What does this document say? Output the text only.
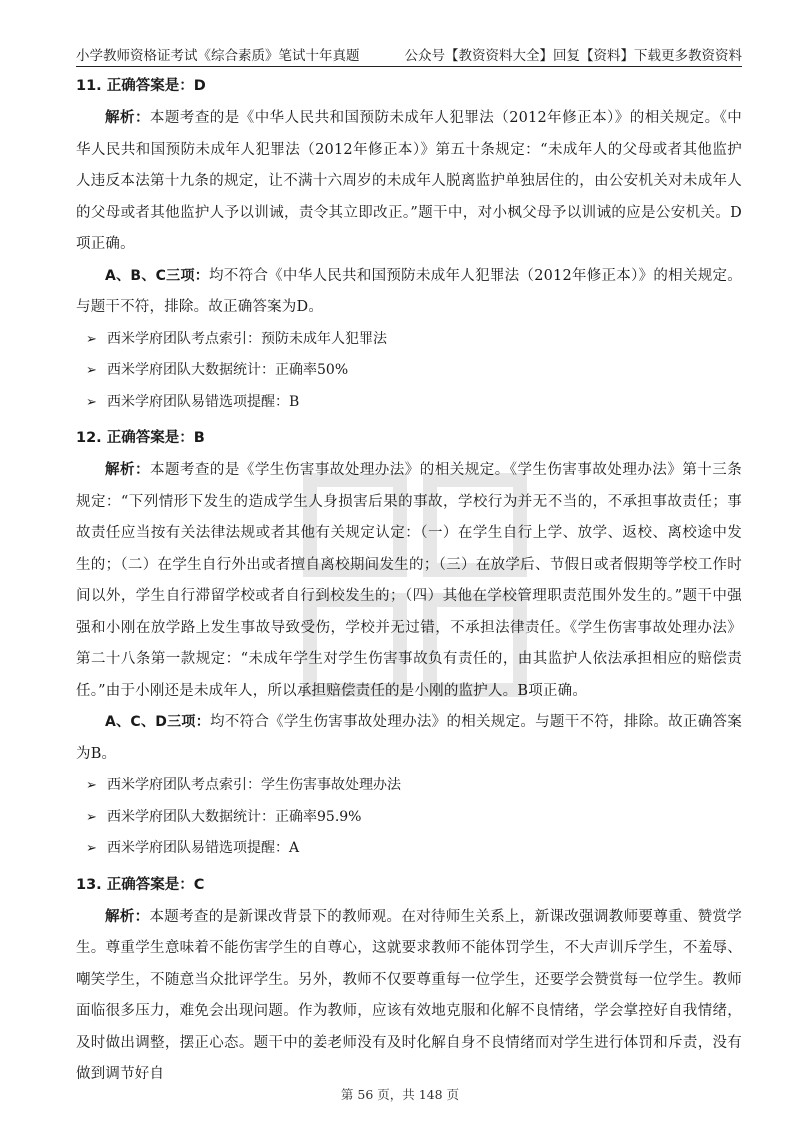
小学教师资格证考试《综合素质》笔试十年真题	公众号【教资资料大全】回复【资料】下载更多教资资料
11. 正确答案是：D

解析：本题考查的是《中华人民共和国预防未成年人犯罪法（2012年修正本）》的相关规定。《中华人民共和国预防未成年人犯罪法（2012年修正本）》第五十条规定：“未成年人的父母或者其他监护人违反本法第十九条的规定，让不满十六周岁的未成年人脱离监护单独居住的，由公安机关对未成年人的父母或者其他监护人予以训诫，责令其立即改正。”题干中，对小枫父母予以训诫的应是公安机关。D项正确。

A、B、C三项：均不符合《中华人民共和国预防未成年人犯罪法（2012年修正本）》的相关规定。与题干不符，排除。故正确答案为D。

➢ 西米学府团队考点索引：预防未成年人犯罪法
➢ 西米学府团队大数据统计：正确率50%
➢ 西米学府团队易错选项提醒：B
12. 正确答案是：B

解析：本题考查的是《学生伤害事故处理办法》的相关规定。《学生伤害事故处理办法》第十三条规定：“下列情形下发生的造成学生人身损害后果的事故，学校行为并无不当的，不承担事故责任；事故责任应当按有关法律法规或者其他有关规定认定：（一）在学生自行上学、放学、返校、离校途中发生的；（二）在学生自行外出或者擅自离校期间发生的；（三）在放学后、节假日或者假期等学校工作时间以外，学生自行滞留学校或者自行到校发生的；（四）其他在学校管理职责范围外发生的。”题干中强强和小刚在放学路上发生事故导致受伤，学校并无过错，不承担法律责任。《学生伤害事故处理办法》第二十八条第一款规定：“未成年学生对学生伤害事故负有责任的，由其监护人依法承担相应的赔偿责任。”由于小刚还是未成年人，所以承担赔偿责任的是小刚的监护人。B项正确。

A、C、D三项：均不符合《学生伤害事故处理办法》的相关规定。与题干不符，排除。故正确答案为B。

➢ 西米学府团队考点索引：学生伤害事故处理办法
➢ 西米学府团队大数据统计：正确率95.9%
➢ 西米学府团队易错选项提醒：A
13. 正确答案是：C

解析：本题考查的是新课改背景下的教师观。在对待师生关系上，新课改强调教师要尊重、赞赏学生。尊重学生意味着不能伤害学生的自尊心，这就要求教师不能体罚学生，不大声训斥学生，不羞辱、嘲笑学生，不随意当众批评学生。另外，教师不仅要尊重每一位学生，还要学会赞赏每一位学生。教师面临很多压力，难免会出现问题。作为教师，应该有效地克服和化解不良情绪，学会掌控好自我情绪，及时做出调整，摆正心态。题干中的姜老师没有及时化解自身不良情绪而对学生进行体罚和斥责，没有做到调节好自

第 56 页，共 148 页
